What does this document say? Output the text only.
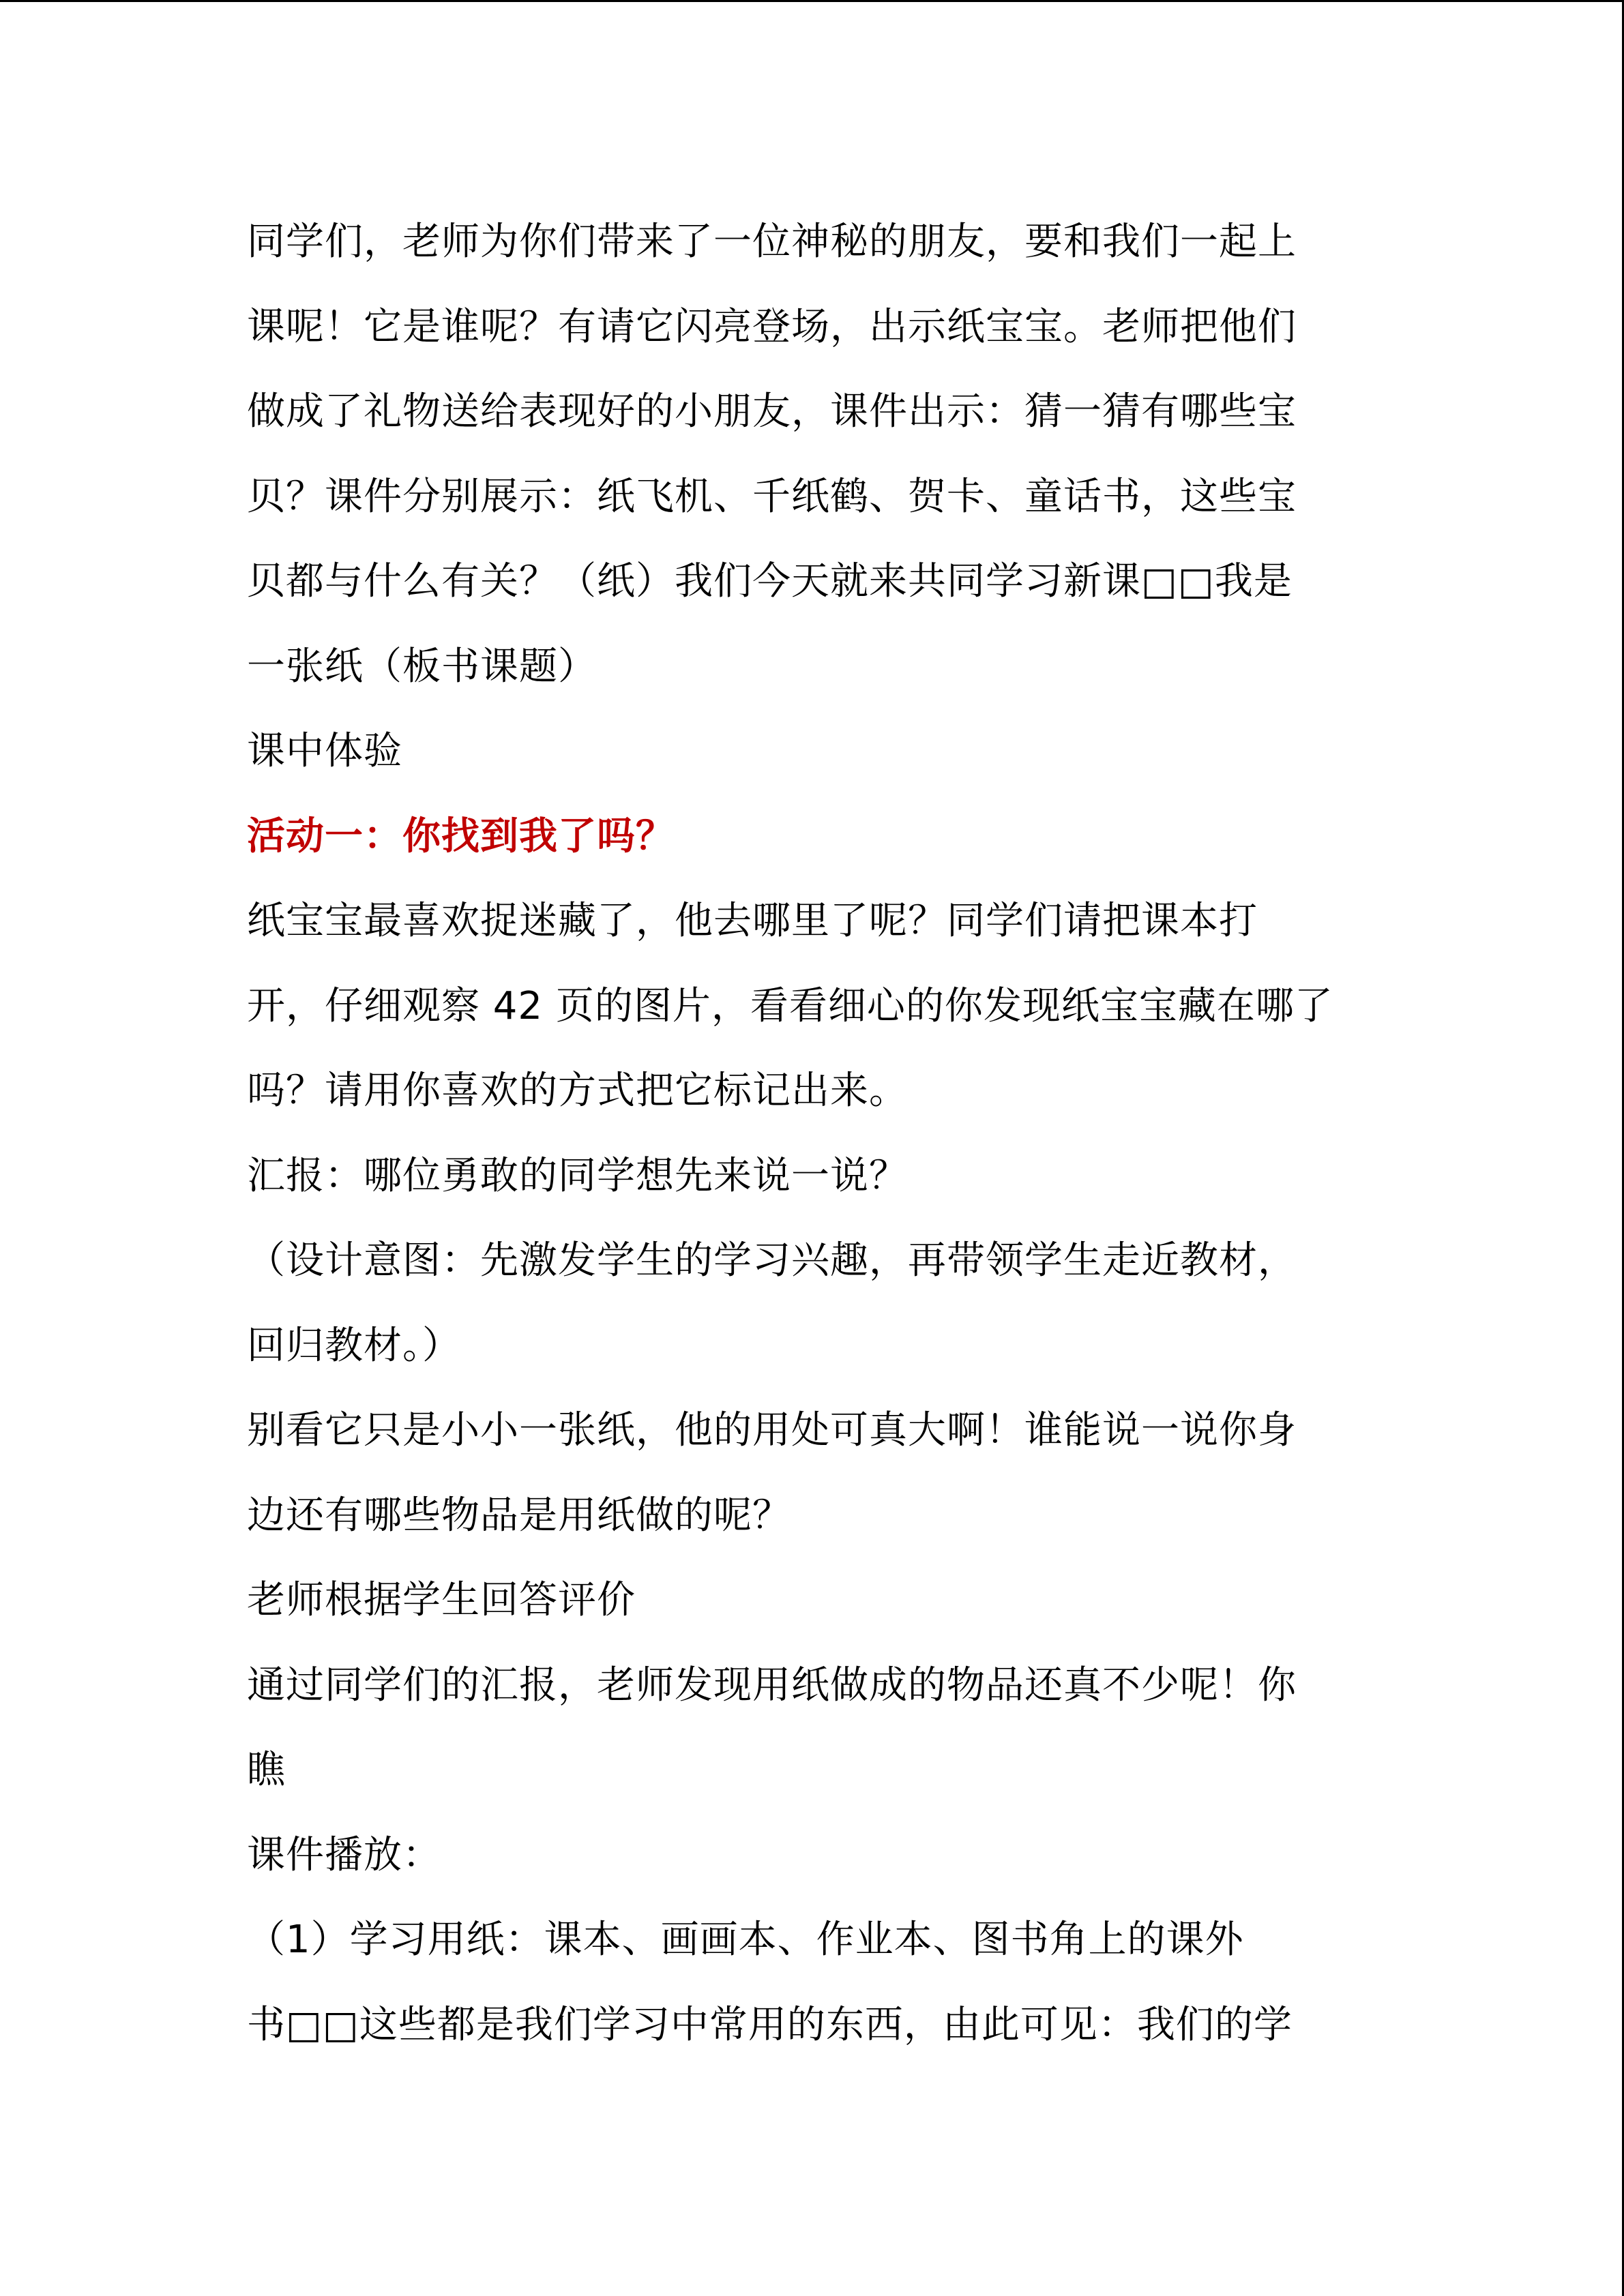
同学们，老师为你们带来了一位神秘的朋友，要和我们一起上
课呢！它是谁呢？有请它闪亮登场，出示纸宝宝。老师把他们
做成了礼物送给表现好的小朋友，课件出示：猜一猜有哪些宝
贝？课件分别展示：纸飞机、千纸鹤、贺卡、童话书，这些宝
贝都与什么有关？（纸）我们今天就来共同学习新课□□我是
一张纸（板书课题）
课中体验
活动一：你找到我了吗？
纸宝宝最喜欢捉迷藏了，他去哪里了呢？同学们请把课本打
开，仔细观察 42 页的图片，看看细心的你发现纸宝宝藏在哪了
吗？请用你喜欢的方式把它标记出来。
汇报：哪位勇敢的同学想先来说一说？
（设计意图：先激发学生的学习兴趣，再带领学生走近教材，
回归教材。）
别看它只是小小一张纸，他的用处可真大啊！谁能说一说你身
边还有哪些物品是用纸做的呢？
老师根据学生回答评价
通过同学们的汇报，老师发现用纸做成的物品还真不少呢！你
瞧
课件播放：
（1）学习用纸：课本、画画本、作业本、图书角上的课外
书□□这些都是我们学习中常用的东西，由此可见：我们的学
